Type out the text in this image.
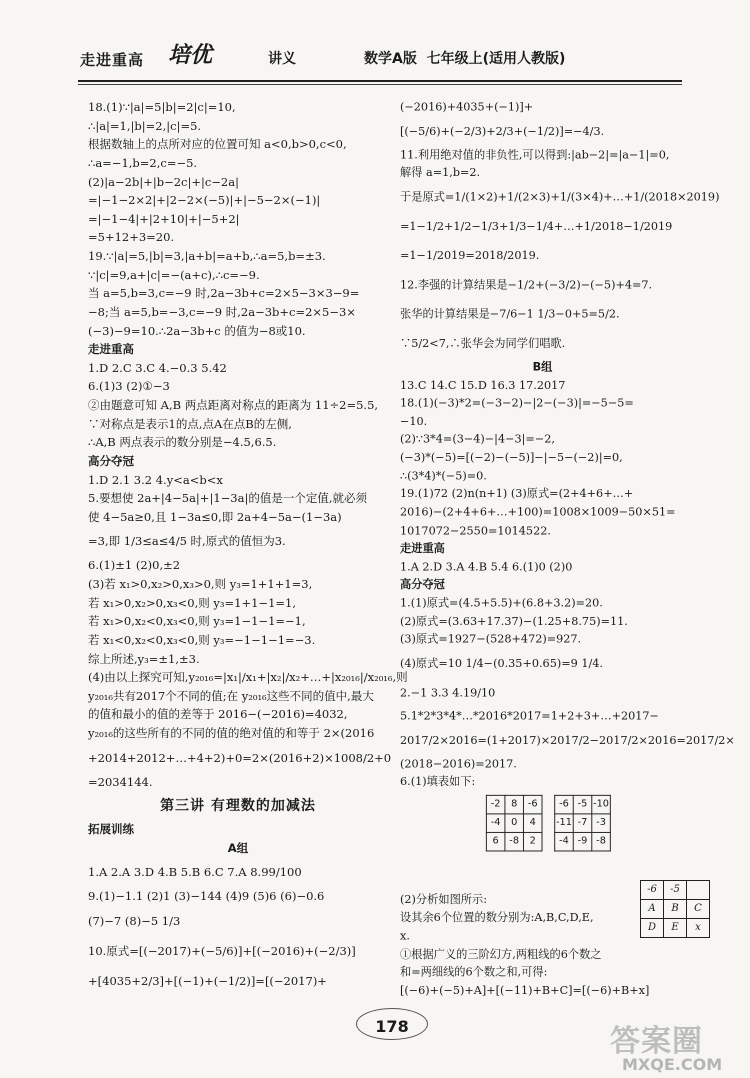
走进重高 培优	讲义	数学A版 七年级上(适用人教版)
18.(1)∵|a|=5|b|=2|c|=10,
∴|a|=1,|b|=2,|c|=5.
根据数轴上的点所对应的位置可知 a<0,b>0,c<0,
∴a=−1,b=2,c=−5.
(2)|a−2b|+|b−2c|+|c−2a|
=|−1−2×2|+|2−2×(−5)|+|−5−2×(−1)|
=|−1−4|+|2+10|+|−5+2|
=5+12+3=20.
19.∵|a|=5,|b|=3,|a+b|=a+b,∴a=5,b=±3.
∵|c|=9,a+|c|=−(a+c),∴c=−9.
当 a=5,b=3,c=−9 时,2a−3b+c=2×5−3×3−9=
−8;当 a=5,b=−3,c=−9 时,2a−3b+c=2×5−3×
(−3)−9=10.∴2a−3b+c 的值为−8或10.
走进重高
1.D 2.C 3.C 4.−0.3 5.42
6.(1)3 (2)①−3
②由题意可知 A,B 两点距离对称点的距离为 11÷2=5.5,
∵对称点是表示1的点,点A在点B的左侧,
∴A,B 两点表示的数分别是−4.5,6.5.
高分夺冠
1.D 2.1 3.2 4.y<a<b<x
5.要想使 2a+|4−5a|+|1−3a|的值是一个定值,就必须
使 4−5a≥0,且 1−3a≤0,即 2a+4−5a−(1−3a)
=3,即 1/3≤a≤4/5 时,原式的值恒为3.
6.(1)±1 (2)0,±2
(3)若 x₁>0,x₂>0,x₃>0,则 y₃=1+1+1=3,
若 x₁>0,x₂>0,x₃<0,则 y₃=1+1−1=1,
若 x₁>0,x₂<0,x₃<0,则 y₃=1−1−1=−1,
若 x₁<0,x₂<0,x₃<0,则 y₃=−1−1−1=−3.
综上所述,y₃=±1,±3.
(4)由以上探究可知,y₂₀₁₆=|x₁|/x₁+|x₂|/x₂+…+|x₂₀₁₆|/x₂₀₁₆,则
y₂₀₁₆共有2017个不同的值;在 y₂₀₁₆这些不同的值中,最大
的值和最小的值的差等于 2016−(−2016)=4032,
y₂₀₁₆的这些所有的不同的值的绝对值的和等于 2×(2016
+2014+2012+…+4+2)+0=2×(2016+2)×1008/2+0
=2034144.
第三讲 有理数的加减法
拓展训练
A组
1.A 2.A 3.D 4.B 5.B 6.C 7.A 8.99/100
9.(1)−1.1 (2)1 (3)−144 (4)9 (5)6 (6)−0.6
(7)−7 (8)−5 1/3
10.原式=[(−2017)+(−5/6)]+[(−2016)+(−2/3)]
+[4035+2/3]+[(−1)+(−1/2)]=[(−2017)+
(−2016)+4035+(−1)]+
[(−5/6)+(−2/3)+2/3+(−1/2)]=−4/3.
11.利用绝对值的非负性,可以得到:|ab−2|=|a−1|=0,
解得 a=1,b=2.
于是原式=1/(1×2)+1/(2×3)+1/(3×4)+…+1/(2018×2019)
=1−1/2+1/2−1/3+1/3−1/4+…+1/2018−1/2019
=1−1/2019=2018/2019.
12.李强的计算结果是−1/2+(−3/2)−(−5)+4=7.
张华的计算结果是−7/6−1 1/3−0+5=5/2.
∵5/2<7,∴张华会为同学们唱歌.
B组
13.C 14.C 15.D 16.3 17.2017
18.(1)(−3)*2=(−3−2)−|2−(−3)|=−5−5=
−10.
(2)∵3*4=(3−4)−|4−3|=−2,
(−3)*(−5)=[(−2)−(−5)]−|−5−(−2)|=0,
∴(3*4)*(−5)=0.
19.(1)72 (2)n(n+1) (3)原式=(2+4+6+…+
2016)−(2+4+6+…+100)=1008×1009−50×51=
1017072−2550=1014522.
走进重高
1.A 2.D 3.A 4.B 5.4 6.(1)0 (2)0
高分夺冠
1.(1)原式=(4.5+5.5)+(6.8+3.2)=20.
(2)原式=(3.63+17.37)−(1.25+8.75)=11.
(3)原式=1927−(528+472)=927.
(4)原式=10 1/4−(0.35+0.65)=9 1/4.
2.−1 3.3 4.19/10
5.1*2*3*4*…*2016*2017=1+2+3+…+2017−
2017/2×2016=(1+2017)×2017/2−2017/2×2016=2017/2×
(2018−2016)=2017.
6.(1)填表如下:
-2	8	-6
-4	0	4
6	-8	2
-6	-5	-10
-11	-7	-3
-4	-9	-8
(2)分析如图所示:
设其余6个位置的数分别为:A,B,C,D,E,
x.
①根据广义的三阶幻方,两粗线的6个数之
和=两细线的6个数之和,可得:
[(−6)+(−5)+A]+[(−11)+B+C]=[(−6)+B+x]
-6	-5	
A	B	C
D	E	x
178	答案圈
MXQE.COM
